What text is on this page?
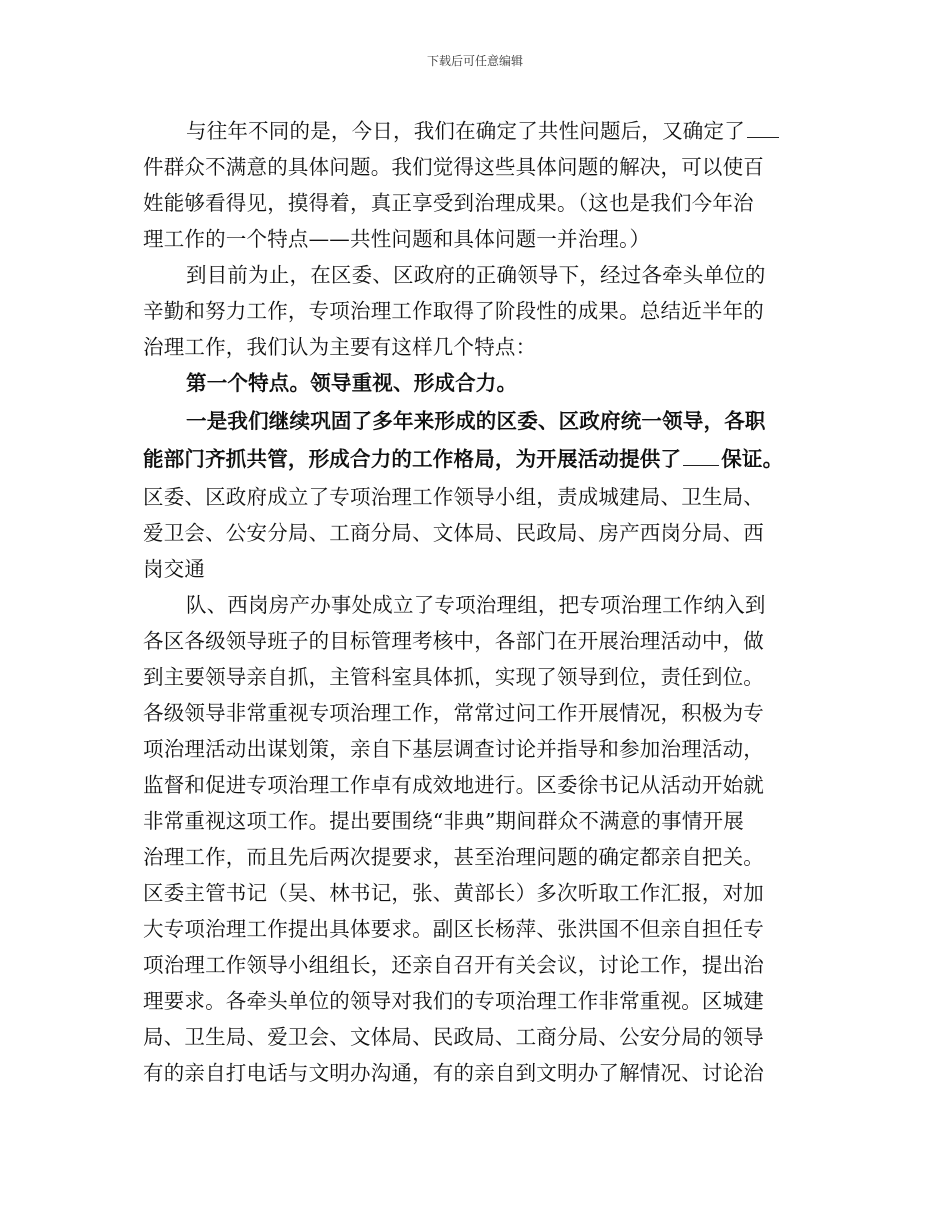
下载后可任意编辑
与往年不同的是，今日，我们在确定了共性问题后，又确定了
件群众不满意的具体问题。我们觉得这些具体问题的解决，可以使百
姓能够看得见，摸得着，真正享受到治理成果。（这也是我们今年治
理工作的一个特点——共性问题和具体问题一并治理。）
到目前为止，在区委、区政府的正确领导下，经过各牵头单位的
辛勤和努力工作，专项治理工作取得了阶段性的成果。总结近半年的
治理工作，我们认为主要有这样几个特点：
第一个特点。领导重视、形成合力。
一是我们继续巩固了多年来形成的区委、区政府统一领导，各职
能部门齐抓共管，形成合力的工作格局，为开展活动提供了 保证。
区委、区政府成立了专项治理工作领导小组，责成城建局、卫生局、
爱卫会、公安分局、工商分局、文体局、民政局、房产西岗分局、西
岗交通
队、西岗房产办事处成立了专项治理组，把专项治理工作纳入到
各区各级领导班子的目标管理考核中，各部门在开展治理活动中，做
到主要领导亲自抓，主管科室具体抓，实现了领导到位，责任到位。
各级领导非常重视专项治理工作，常常过问工作开展情况，积极为专
项治理活动出谋划策，亲自下基层调查讨论并指导和参加治理活动，
监督和促进专项治理工作卓有成效地进行。区委徐书记从活动开始就
非常重视这项工作。提出要围绕“非典”期间群众不满意的事情开展
治理工作，而且先后两次提要求，甚至治理问题的确定都亲自把关。
区委主管书记（吴、林书记，张、黄部长）多次听取工作汇报，对加
大专项治理工作提出具体要求。副区长杨萍、张洪国不但亲自担任专
项治理工作领导小组组长，还亲自召开有关会议，讨论工作，提出治
理要求。各牵头单位的领导对我们的专项治理工作非常重视。区城建
局、卫生局、爱卫会、文体局、民政局、工商分局、公安分局的领导
有的亲自打电话与文明办沟通，有的亲自到文明办了解情况、讨论治
